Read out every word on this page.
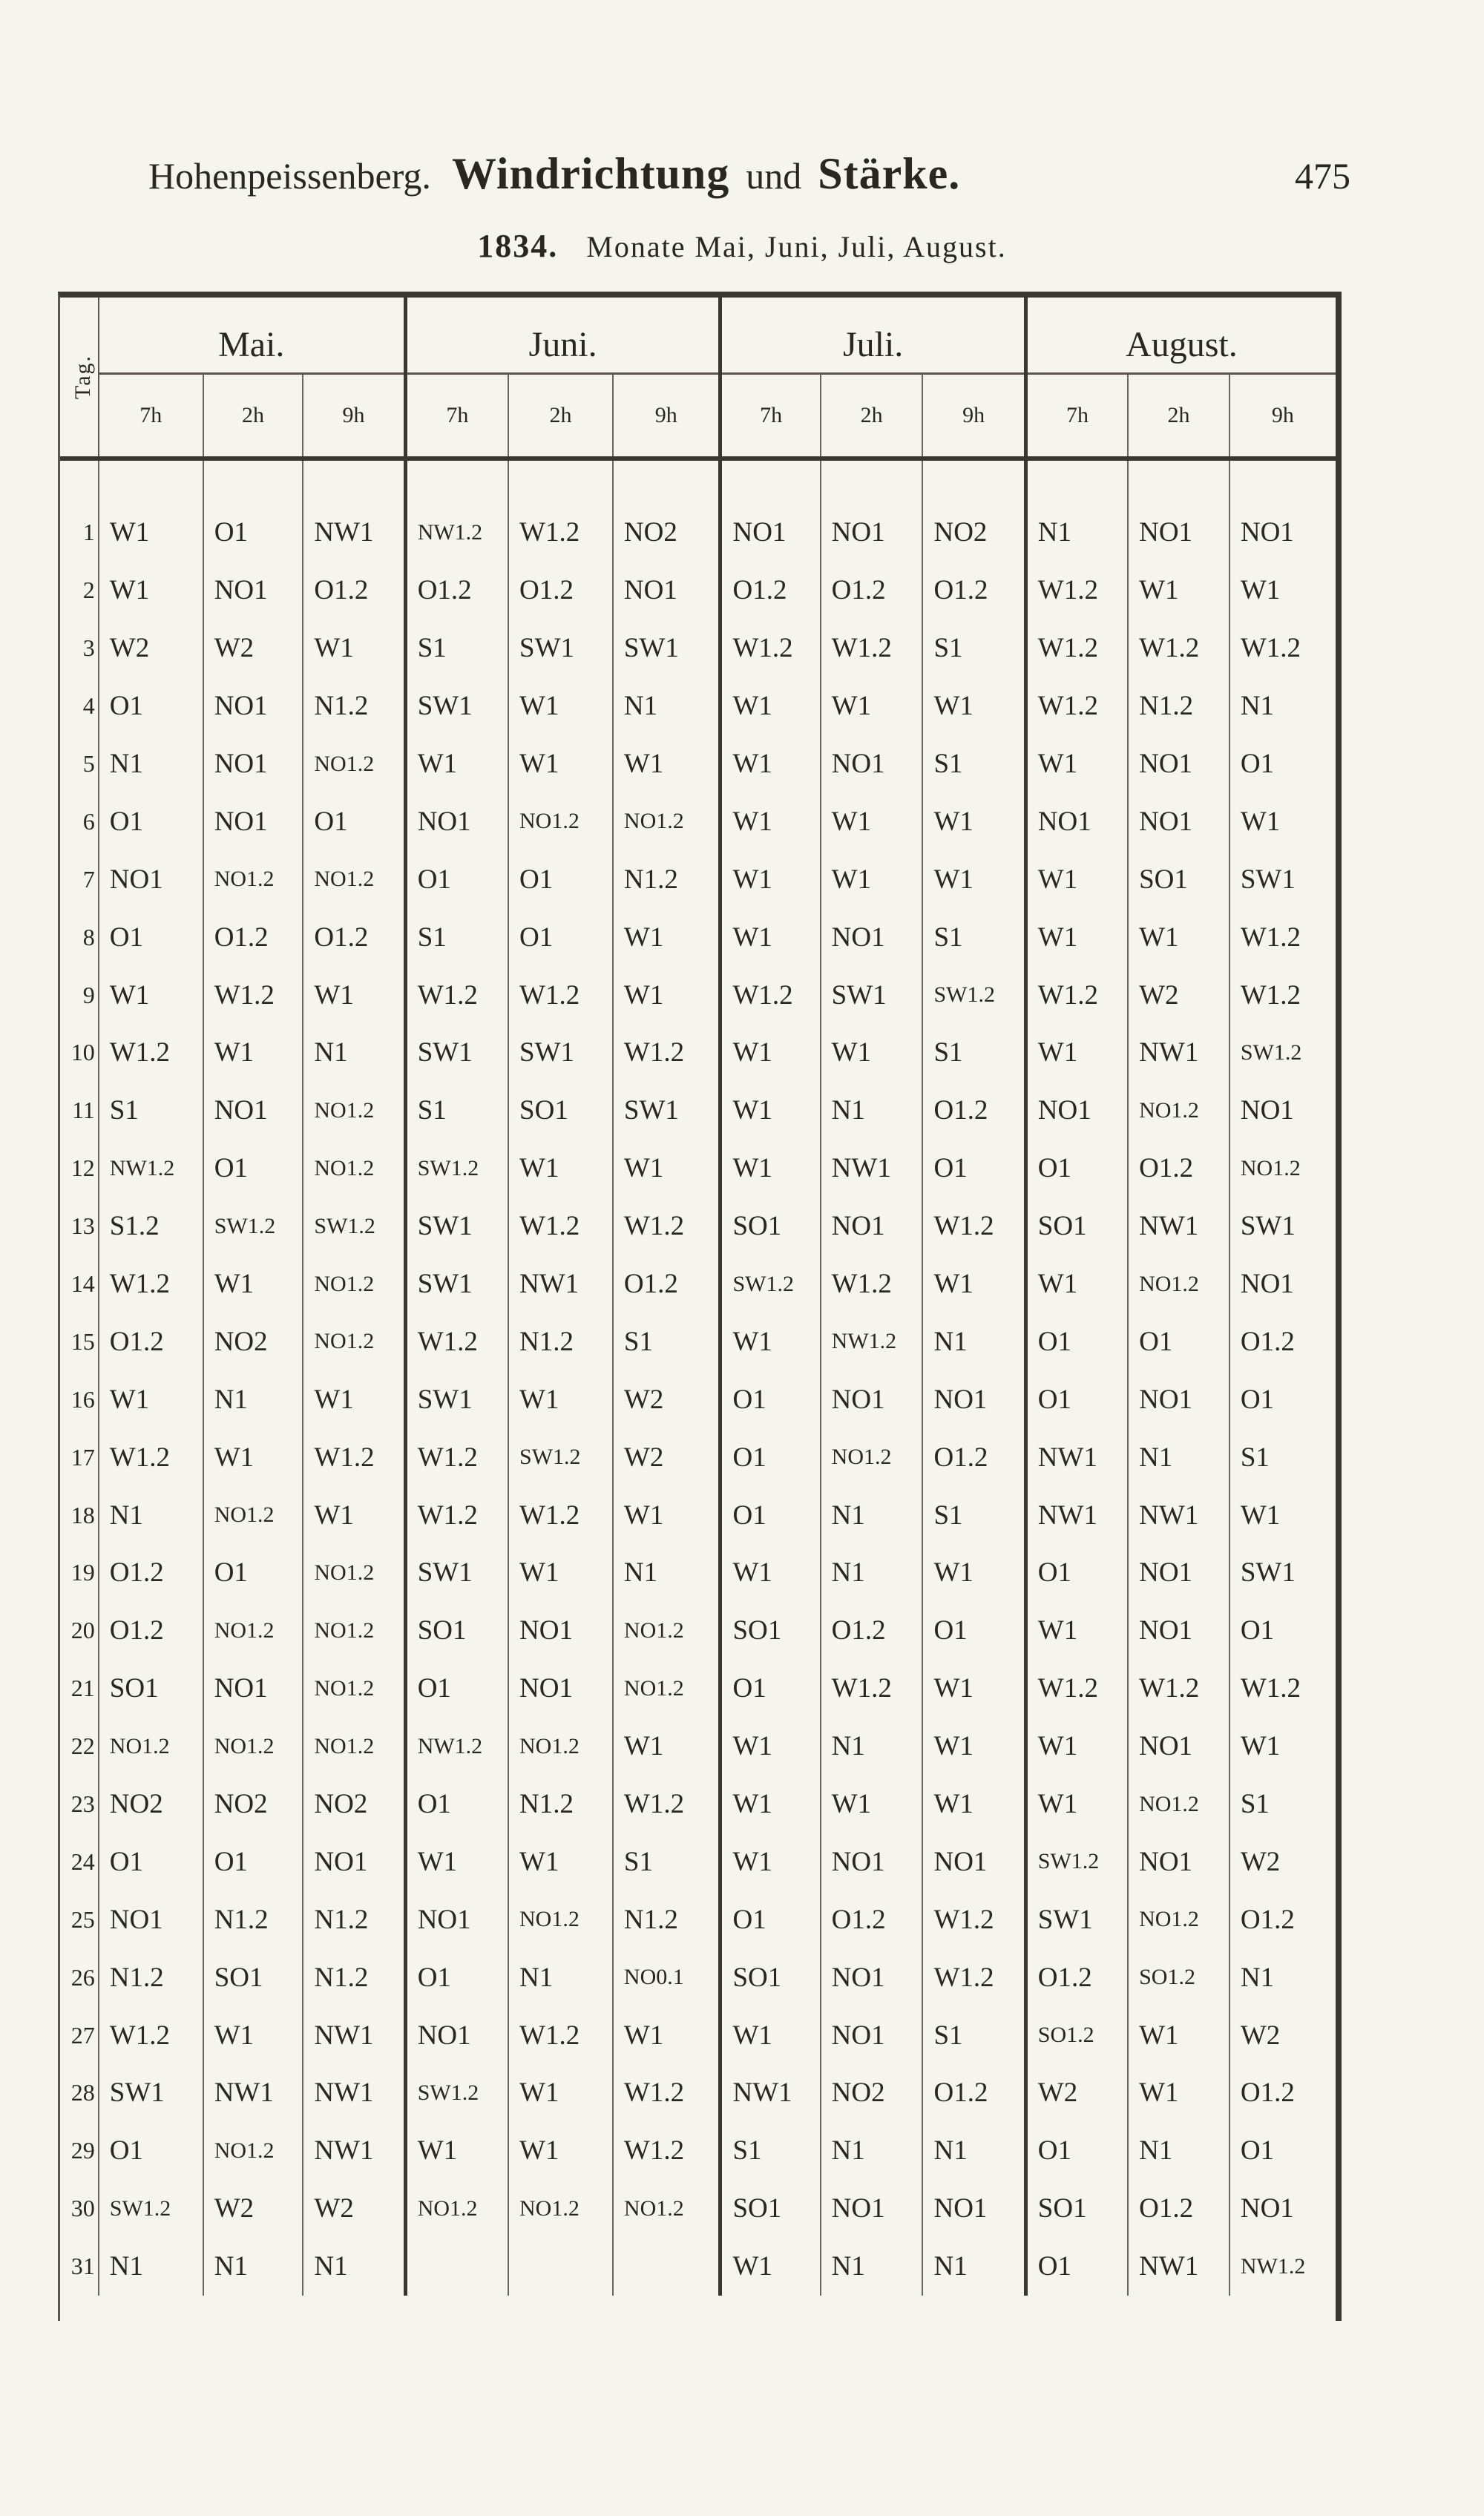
Hohenpeissenberg. Windrichtung und Stärke.	475
1834. Monate Mai, Juni, Juli, August.
Tag.	Mai.			Juni.			Juli.			August.		
	7h	2h	9h	7h	2h	9h	7h	2h	9h	7h	2h	9h

1	W1	O1	NW1	NW1.2	W1.2	NO2	NO1	NO1	NO2	N1	NO1	NO1
2	W1	NO1	O1.2	O1.2	O1.2	NO1	O1.2	O1.2	O1.2	W1.2	W1	W1
3	W2	W2	W1	S1	SW1	SW1	W1.2	W1.2	S1	W1.2	W1.2	W1.2
4	O1	NO1	N1.2	SW1	W1	N1	W1	W1	W1	W1.2	N1.2	N1
5	N1	NO1	NO1.2	W1	W1	W1	W1	NO1	S1	W1	NO1	O1
6	O1	NO1	O1	NO1	NO1.2	NO1.2	W1	W1	W1	NO1	NO1	W1
7	NO1	NO1.2	NO1.2	O1	O1	N1.2	W1	W1	W1	W1	SO1	SW1
8	O1	O1.2	O1.2	S1	O1	W1	W1	NO1	S1	W1	W1	W1.2
9	W1	W1.2	W1	W1.2	W1.2	W1	W1.2	SW1	SW1.2	W1.2	W2	W1.2
10	W1.2	W1	N1	SW1	SW1	W1.2	W1	W1	S1	W1	NW1	SW1.2
11	S1	NO1	NO1.2	S1	SO1	SW1	W1	N1	O1.2	NO1	NO1.2	NO1
12	NW1.2	O1	NO1.2	SW1.2	W1	W1	W1	NW1	O1	O1	O1.2	NO1.2
13	S1.2	SW1.2	SW1.2	SW1	W1.2	W1.2	SO1	NO1	W1.2	SO1	NW1	SW1
14	W1.2	W1	NO1.2	SW1	NW1	O1.2	SW1.2	W1.2	W1	W1	NO1.2	NO1
15	O1.2	NO2	NO1.2	W1.2	N1.2	S1	W1	NW1.2	N1	O1	O1	O1.2
16	W1	N1	W1	SW1	W1	W2	O1	NO1	NO1	O1	NO1	O1
17	W1.2	W1	W1.2	W1.2	SW1.2	W2	O1	NO1.2	O1.2	NW1	N1	S1
18	N1	NO1.2	W1	W1.2	W1.2	W1	O1	N1	S1	NW1	NW1	W1
19	O1.2	O1	NO1.2	SW1	W1	N1	W1	N1	W1	O1	NO1	SW1
20	O1.2	NO1.2	NO1.2	SO1	NO1	NO1.2	SO1	O1.2	O1	W1	NO1	O1
21	SO1	NO1	NO1.2	O1	NO1	NO1.2	O1	W1.2	W1	W1.2	W1.2	W1.2
22	NO1.2	NO1.2	NO1.2	NW1.2	NO1.2	W1	W1	N1	W1	W1	NO1	W1
23	NO2	NO2	NO2	O1	N1.2	W1.2	W1	W1	W1	W1	NO1.2	S1
24	O1	O1	NO1	W1	W1	S1	W1	NO1	NO1	SW1.2	NO1	W2
25	NO1	N1.2	N1.2	NO1	NO1.2	N1.2	O1	O1.2	W1.2	SW1	NO1.2	O1.2
26	N1.2	SO1	N1.2	O1	N1	NO0.1	SO1	NO1	W1.2	O1.2	SO1.2	N1
27	W1.2	W1	NW1	NO1	W1.2	W1	W1	NO1	S1	SO1.2	W1	W2
28	SW1	NW1	NW1	SW1.2	W1	W1.2	NW1	NO2	O1.2	W2	W1	O1.2
29	O1	NO1.2	NW1	W1	W1	W1.2	S1	N1	N1	O1	N1	O1
30	SW1.2	W2	W2	NO1.2	NO1.2	NO1.2	SO1	NO1	NO1	SO1	O1.2	NO1
31	N1	N1	N1				W1	N1	N1	O1	NW1	NW1.2
